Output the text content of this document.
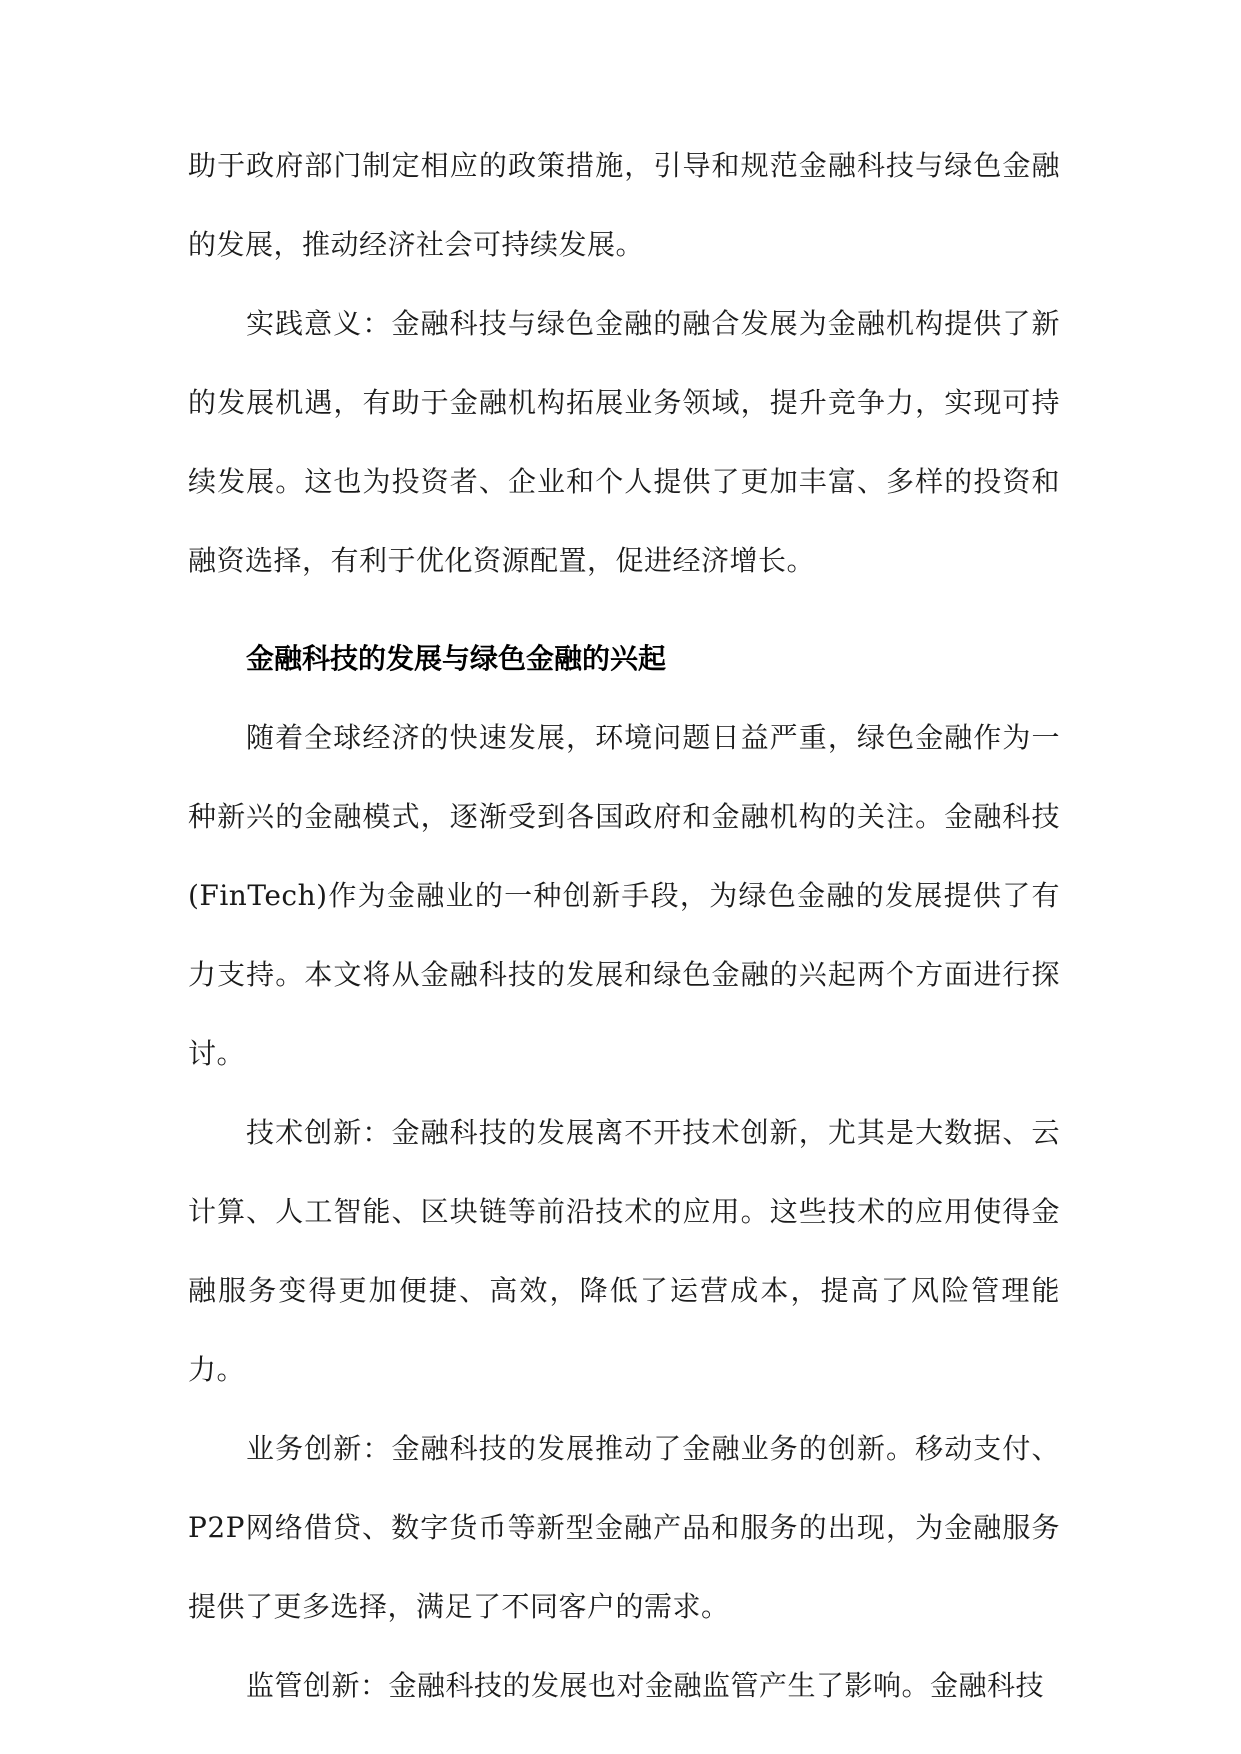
助于政府部门制定相应的政策措施，引导和规范金融科技与绿色金融的发展，推动经济社会可持续发展。

实践意义：金融科技与绿色金融的融合发展为金融机构提供了新的发展机遇，有助于金融机构拓展业务领域，提升竞争力，实现可持续发展。这也为投资者、企业和个人提供了更加丰富、多样的投资和融资选择，有利于优化资源配置，促进经济增长。

金融科技的发展与绿色金融的兴起

随着全球经济的快速发展，环境问题日益严重，绿色金融作为一种新兴的金融模式，逐渐受到各国政府和金融机构的关注。金融科技(FinTech)作为金融业的一种创新手段，为绿色金融的发展提供了有力支持。本文将从金融科技的发展和绿色金融的兴起两个方面进行探讨。

技术创新：金融科技的发展离不开技术创新，尤其是大数据、云计算、人工智能、区块链等前沿技术的应用。这些技术的应用使得金融服务变得更加便捷、高效，降低了运营成本，提高了风险管理能力。

业务创新：金融科技的发展推动了金融业务的创新。移动支付、P2P网络借贷、数字货币等新型金融产品和服务的出现，为金融服务提供了更多选择，满足了不同客户的需求。

监管创新：金融科技的发展也对金融监管产生了影响。金融科技
